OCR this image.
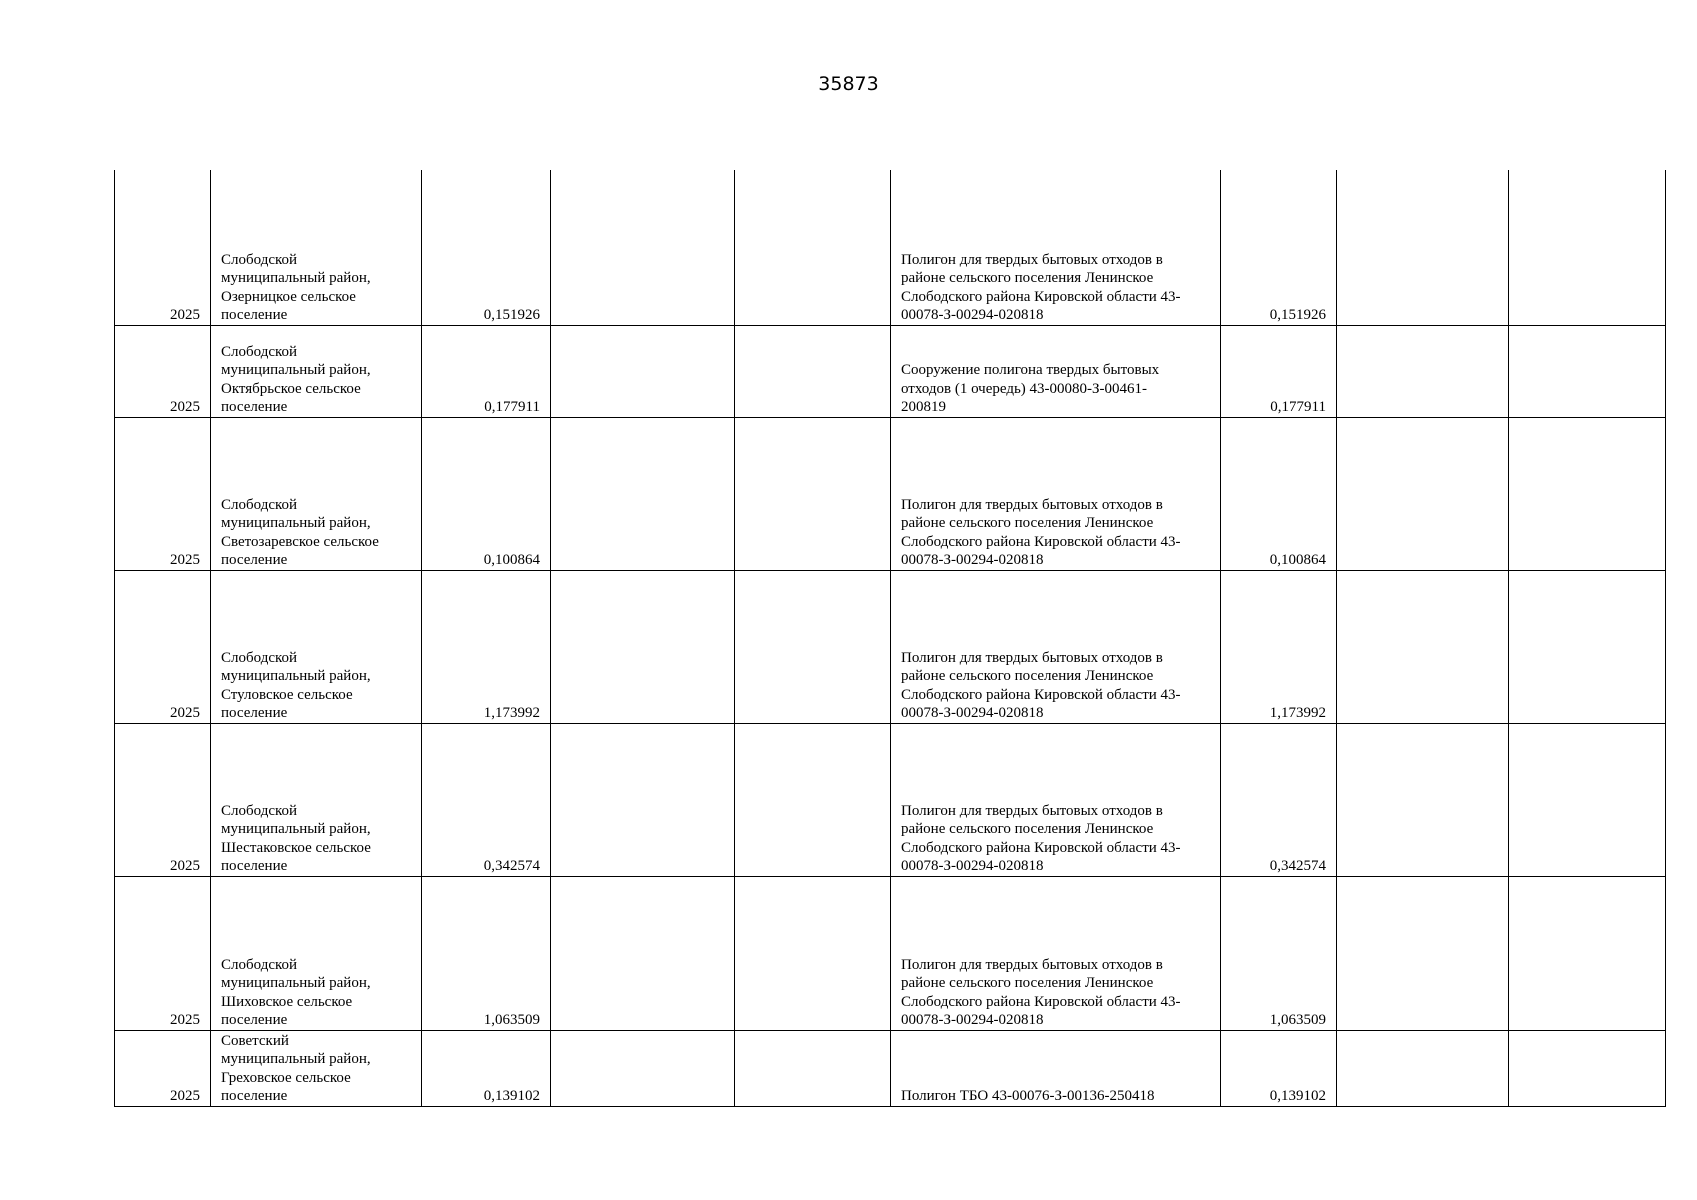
35873
2025	Слободской
муниципальный район,
Озерницкое сельское
поселение	0,151926			Полигон для твердых бытовых отходов в
районе сельского поселения Ленинское
Слободского района Кировской области 43-
00078-З-00294-020818	0,151926		
2025	Слободской
муниципальный район,
Октябрьское сельское
поселение	0,177911			Сооружение полигона твердых бытовых
отходов (1 очередь) 43-00080-З-00461-
200819	0,177911		
2025	Слободской
муниципальный район,
Светозаревское сельское
поселение	0,100864			Полигон для твердых бытовых отходов в
районе сельского поселения Ленинское
Слободского района Кировской области 43-
00078-З-00294-020818	0,100864		
2025	Слободской
муниципальный район,
Стуловское сельское
поселение	1,173992			Полигон для твердых бытовых отходов в
районе сельского поселения Ленинское
Слободского района Кировской области 43-
00078-З-00294-020818	1,173992		
2025	Слободской
муниципальный район,
Шестаковское сельское
поселение	0,342574			Полигон для твердых бытовых отходов в
районе сельского поселения Ленинское
Слободского района Кировской области 43-
00078-З-00294-020818	0,342574		
2025	Слободской
муниципальный район,
Шиховское сельское
поселение	1,063509			Полигон для твердых бытовых отходов в
районе сельского поселения Ленинское
Слободского района Кировской области 43-
00078-З-00294-020818	1,063509		
2025	Советский
муниципальный район,
Греховское сельское
поселение	0,139102			Полигон ТБО 43-00076-З-00136-250418	0,139102		
